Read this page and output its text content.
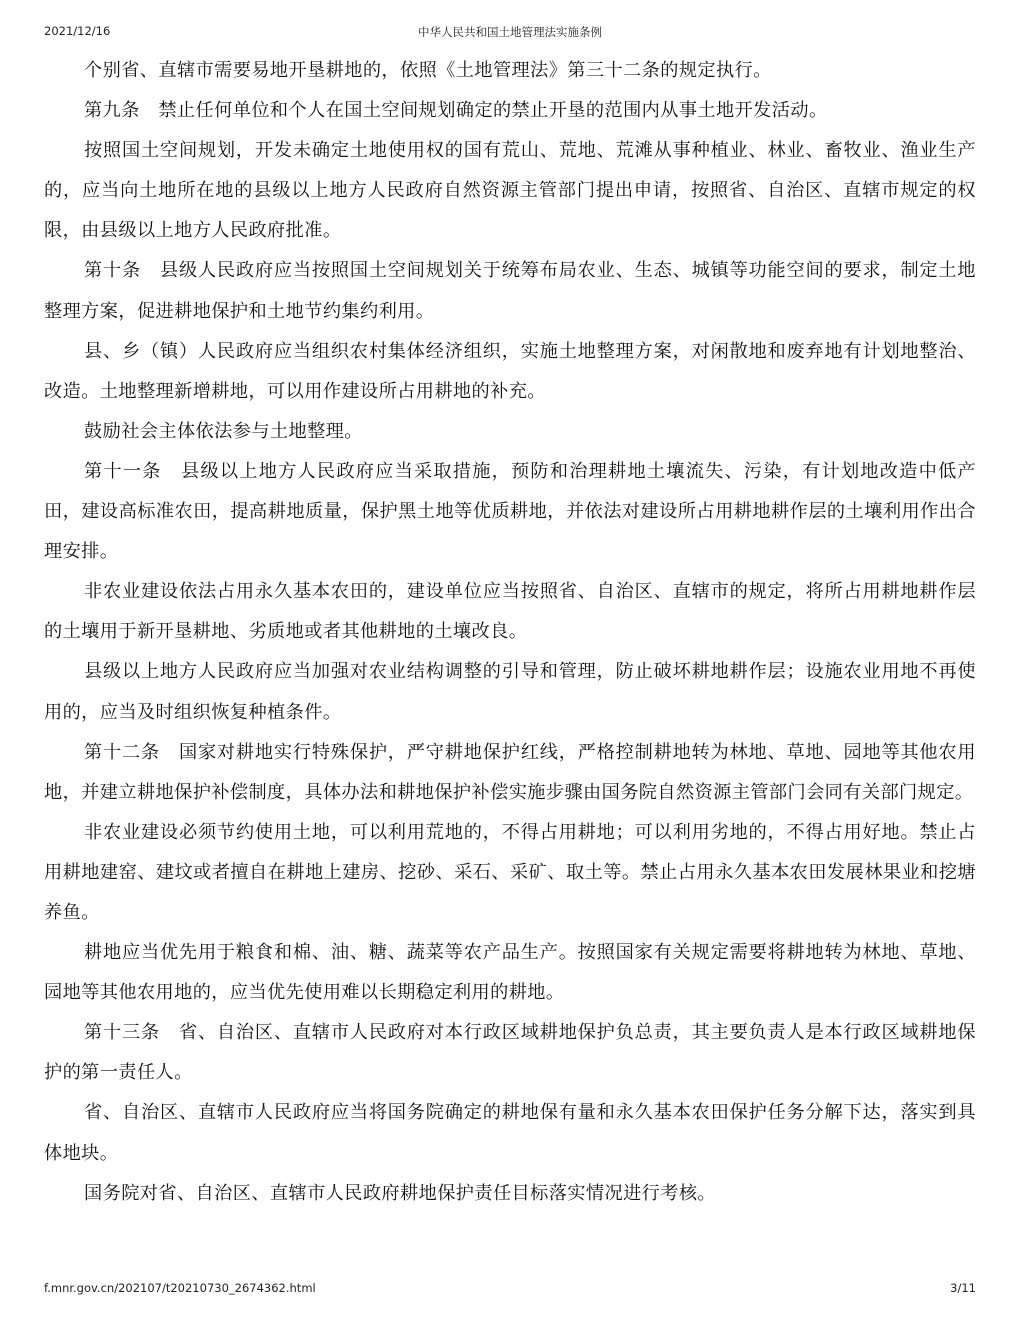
2021/12/16	中华人民共和国土地管理法实施条例

个别省、直辖市需要易地开垦耕地的，依照《土地管理法》第三十二条的规定执行。

第九条　禁止任何单位和个人在国土空间规划确定的禁止开垦的范围内从事土地开发活动。

按照国土空间规划，开发未确定土地使用权的国有荒山、荒地、荒滩从事种植业、林业、畜牧业、渔业生产的，应当向土地所在地的县级以上地方人民政府自然资源主管部门提出申请，按照省、自治区、直辖市规定的权限，由县级以上地方人民政府批准。

第十条　县级人民政府应当按照国土空间规划关于统筹布局农业、生态、城镇等功能空间的要求，制定土地整理方案，促进耕地保护和土地节约集约利用。

县、乡（镇）人民政府应当组织农村集体经济组织，实施土地整理方案，对闲散地和废弃地有计划地整治、改造。土地整理新增耕地，可以用作建设所占用耕地的补充。

鼓励社会主体依法参与土地整理。

第十一条　县级以上地方人民政府应当采取措施，预防和治理耕地土壤流失、污染，有计划地改造中低产田，建设高标准农田，提高耕地质量，保护黑土地等优质耕地，并依法对建设所占用耕地耕作层的土壤利用作出合理安排。

非农业建设依法占用永久基本农田的，建设单位应当按照省、自治区、直辖市的规定，将所占用耕地耕作层的土壤用于新开垦耕地、劣质地或者其他耕地的土壤改良。

县级以上地方人民政府应当加强对农业结构调整的引导和管理，防止破坏耕地耕作层；设施农业用地不再使用的，应当及时组织恢复种植条件。

第十二条　国家对耕地实行特殊保护，严守耕地保护红线，严格控制耕地转为林地、草地、园地等其他农用地，并建立耕地保护补偿制度，具体办法和耕地保护补偿实施步骤由国务院自然资源主管部门会同有关部门规定。

非农业建设必须节约使用土地，可以利用荒地的，不得占用耕地；可以利用劣地的，不得占用好地。禁止占用耕地建窑、建坟或者擅自在耕地上建房、挖砂、采石、采矿、取土等。禁止占用永久基本农田发展林果业和挖塘养鱼。

耕地应当优先用于粮食和棉、油、糖、蔬菜等农产品生产。按照国家有关规定需要将耕地转为林地、草地、园地等其他农用地的，应当优先使用难以长期稳定利用的耕地。

第十三条　省、自治区、直辖市人民政府对本行政区域耕地保护负总责，其主要负责人是本行政区域耕地保护的第一责任人。

省、自治区、直辖市人民政府应当将国务院确定的耕地保有量和永久基本农田保护任务分解下达，落实到具体地块。

国务院对省、自治区、直辖市人民政府耕地保护责任目标落实情况进行考核。

f.mnr.gov.cn/202107/t20210730_2674362.html	3/11
